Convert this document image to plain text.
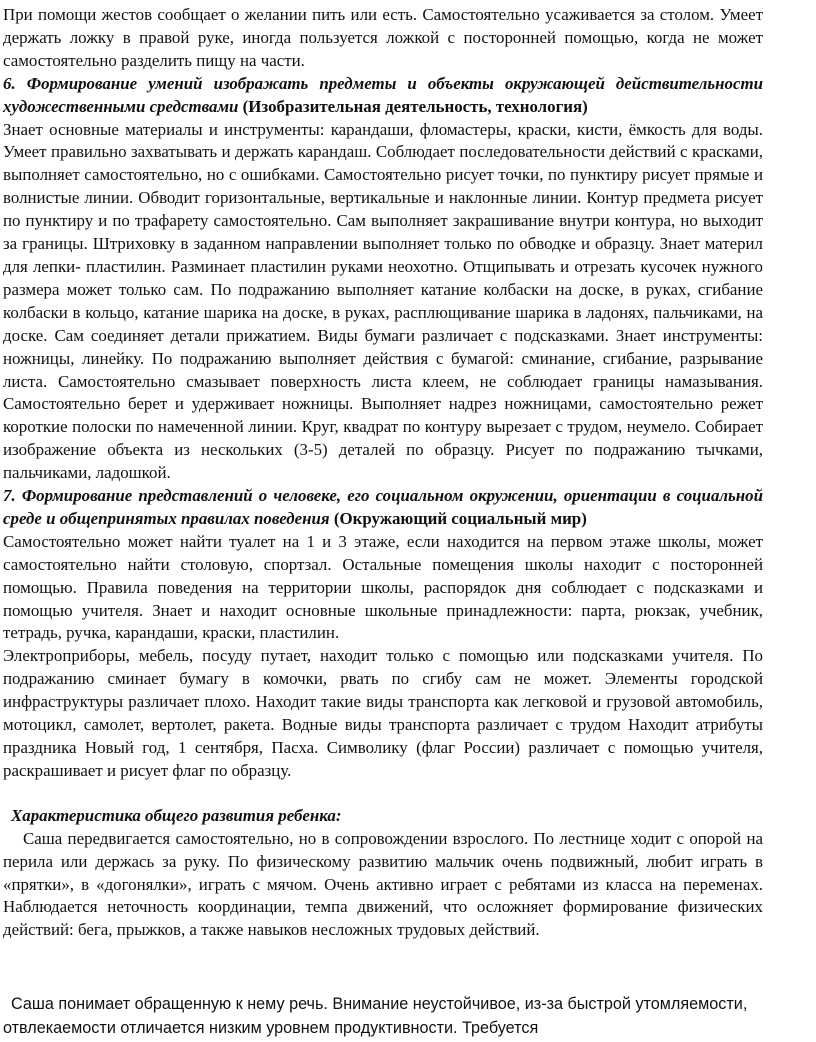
При помощи жестов сообщает о желании пить или есть. Самостоятельно усаживается за столом. Умеет держать ложку в правой руке, иногда пользуется ложкой с посторонней помощью, когда не может самостоятельно разделить пищу на части.

6. Формирование умений изображать предметы и объекты окружающей действительности художественными средствами (Изобразительная деятельность, технология)

Знает основные материалы и инструменты: карандаши, фломастеры, краски, кисти, ёмкость для воды. Умеет правильно захватывать и держать карандаш. Соблюдает последовательности действий с красками, выполняет самостоятельно, но с ошибками. Самостоятельно рисует точки, по пунктиру рисует прямые и волнистые линии. Обводит горизонтальные, вертикальные и наклонные линии. Контур предмета рисует по пунктиру и по трафарету самостоятельно. Сам выполняет закрашивание внутри контура, но выходит за границы. Штриховку в заданном направлении выполняет только по обводке и образцу. Знает материл для лепки- пластилин. Разминает пластилин руками неохотно. Отщипывать и отрезать кусочек нужного размера может только сам. По подражанию выполняет катание колбаски на доске, в руках, сгибание колбаски в кольцо, катание шарика на доске, в руках, расплющивание шарика в ладонях, пальчиками, на доске. Сам соединяет детали прижатием. Виды бумаги различает с подсказками. Знает инструменты: ножницы, линейку. По подражанию выполняет действия с бумагой: сминание, сгибание, разрывание листа. Самостоятельно смазывает поверхность листа клеем, не соблюдает границы намазывания. Самостоятельно берет и удерживает ножницы. Выполняет надрез ножницами, самостоятельно режет короткие полоски по намеченной линии. Круг, квадрат по контуру вырезает с трудом, неумело. Собирает изображение объекта из нескольких (3-5) деталей по образцу. Рисует по подражанию тычками, пальчиками, ладошкой.

7. Формирование представлений о человеке, его социальном окружении, ориентации в социальной среде и общепринятых правилах поведения (Окружающий социальный мир)

Самостоятельно может найти туалет на 1 и 3 этаже, если находится на первом этаже школы, может самостоятельно найти столовую, спортзал. Остальные помещения школы находит с посторонней помощью. Правила поведения на территории школы, распорядок дня соблюдает с подсказками и помощью учителя. Знает и находит основные школьные принадлежности: парта, рюкзак, учебник, тетрадь, ручка, карандаши, краски, пластилин.

Электроприборы, мебель, посуду путает, находит только с помощью или подсказками учителя. По подражанию сминает бумагу в комочки, рвать по сгибу сам не может. Элементы городской инфраструктуры различает плохо. Находит такие виды транспорта как легковой и грузовой автомобиль, мотоцикл, самолет, вертолет, ракета. Водные виды транспорта различает с трудом Находит атрибуты праздника Новый год, 1 сентября, Пасха. Символику (флаг России) различает с помощью учителя, раскрашивает и рисует флаг по образцу.

Характеристика общего развития ребенка:

Саша передвигается самостоятельно, но в сопровождении взрослого. По лестнице ходит с опорой на перила или держась за руку. По физическому развитию мальчик очень подвижный, любит играть в «прятки», в «догонялки», играть с мячом. Очень активно играет с ребятами из класса на переменах. Наблюдается неточность координации, темпа движений, что осложняет формирование физических действий: бега, прыжков, а также навыков несложных трудовых действий.

Саша понимает обращенную к нему речь. Внимание неустойчивое, из-за быстрой утомляемости, отвлекаемости отличается низким уровнем продуктивности. Требуется
